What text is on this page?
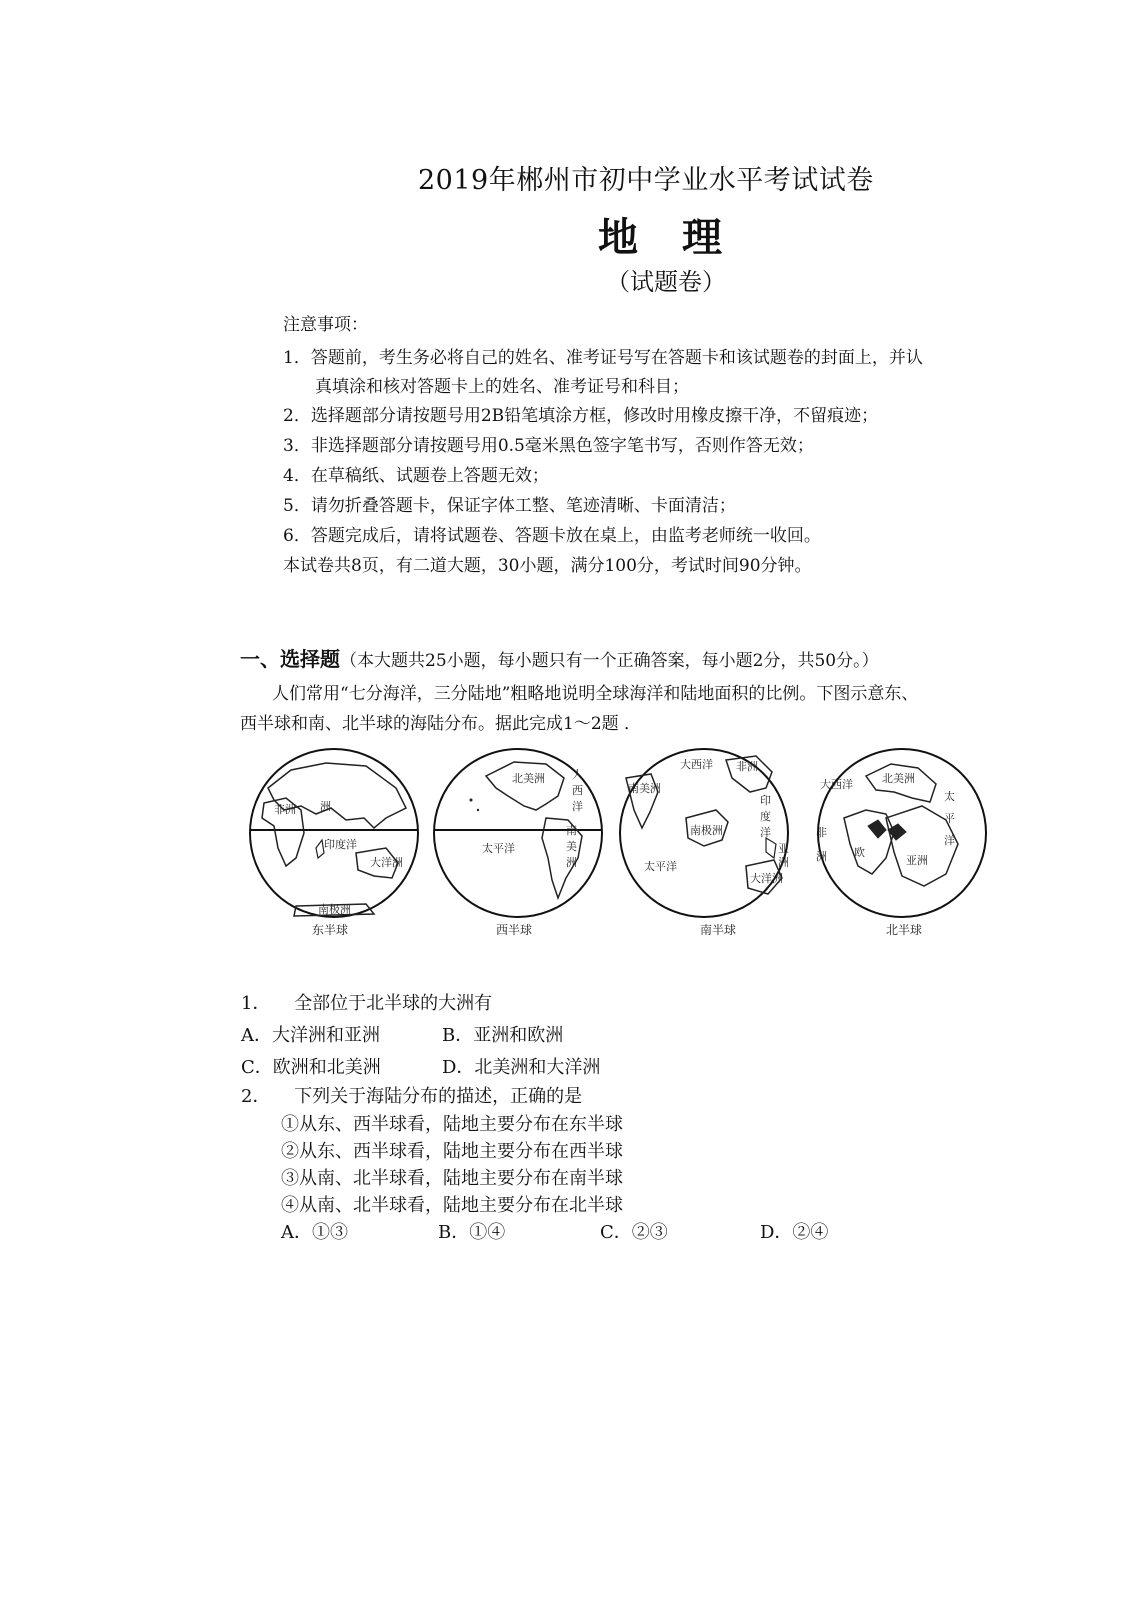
2019年郴州市初中学业水平考试试卷
地理
（试题卷）
注意事项：
1．答题前，考生务必将自己的姓名、准考证号写在答题卡和该试题卷的封面上，并认
真填涂和核对答题卡上的姓名、准考证号和科目；
2．选择题部分请按题号用2B铅笔填涂方框，修改时用橡皮擦干净，不留痕迹；
3．非选择题部分请按题号用0.5毫米黑色签字笔书写，否则作答无效；
4．在草稿纸、试题卷上答题无效；
5．请勿折叠答题卡，保证字体工整、笔迹清晰、卡面清洁；
6．答题完成后，请将试题卷、答题卡放在桌上，由监考老师统一收回。
本试卷共8页，有二道大题，30小题，满分100分，考试时间90分钟。
一、选择题（本大题共25小题，每小题只有一个正确答案，每小题2分，共50分。）
人们常用“七分海洋，三分陆地”粗略地说明全球海洋和陆地面积的比例。下图示意东、
西半球和南、北半球的海陆分布。据此完成1～2题 ．
洲
非洲
印度洋
大洋洲
南极洲
东半球
北美洲 人
西
洋
南
美
洲
太平洋
西半球
大西洋 非洲
南美洲
南极洲
印
度
洋
亚
洲
太平洋
大洋洲
南半球
大西洋	北美洲
太
平
洋
非
洲 欧
亚洲
北半球
1． 全部位于北半球的大洲有
A．大洋洲和亚洲	B．亚洲和欧洲
C．欧洲和北美洲	D．北美洲和大洋洲
2． 下列关于海陆分布的描述，正确的是
①从东、西半球看，陆地主要分布在东半球
②从东、西半球看，陆地主要分布在西半球
③从南、北半球看，陆地主要分布在南半球
④从南、北半球看，陆地主要分布在北半球
A．①③	B．①④	C．②③	D．②④
